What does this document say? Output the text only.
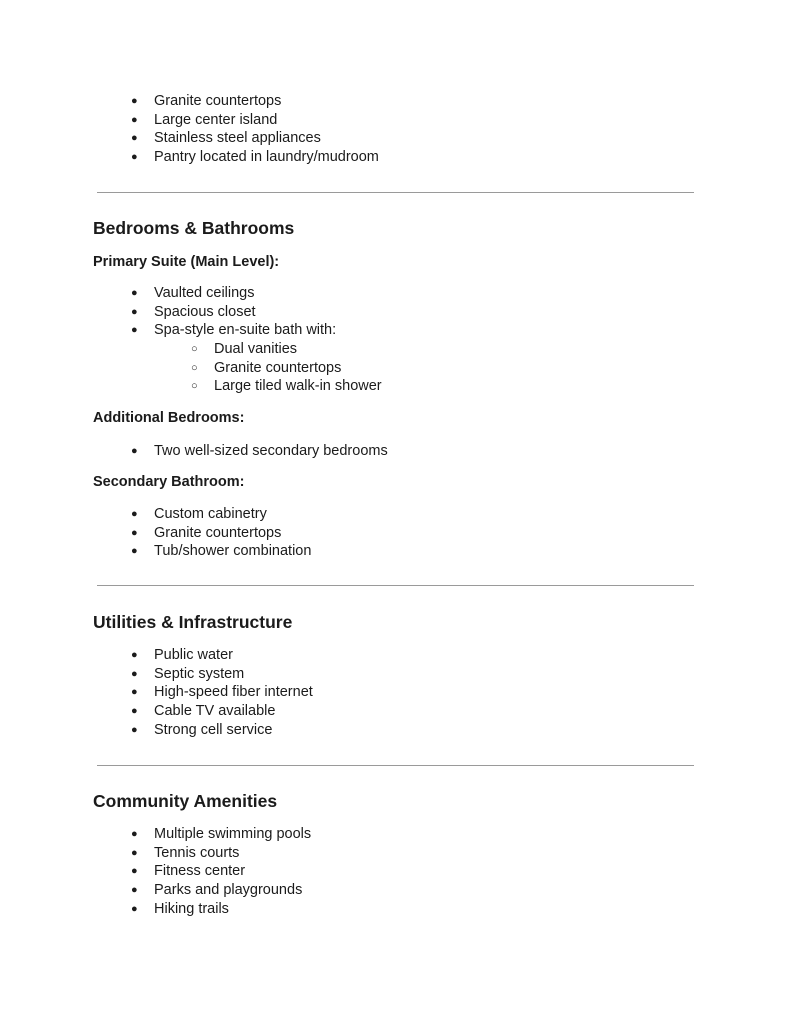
● Granite countertops
● Large center island
● Stainless steel appliances
● Pantry located in laundry/mudroom
Bedrooms & Bathrooms
Primary Suite (Main Level):
● Vaulted ceilings
● Spacious closet
● Spa-style en-suite bath with:
○ Dual vanities
○ Granite countertops
○ Large tiled walk-in shower
Additional Bedrooms:
● Two well-sized secondary bedrooms
Secondary Bathroom:
● Custom cabinetry
● Granite countertops
● Tub/shower combination
Utilities & Infrastructure
● Public water
● Septic system
● High-speed fiber internet
● Cable TV available
● Strong cell service
Community Amenities
● Multiple swimming pools
● Tennis courts
● Fitness center
● Parks and playgrounds
● Hiking trails
